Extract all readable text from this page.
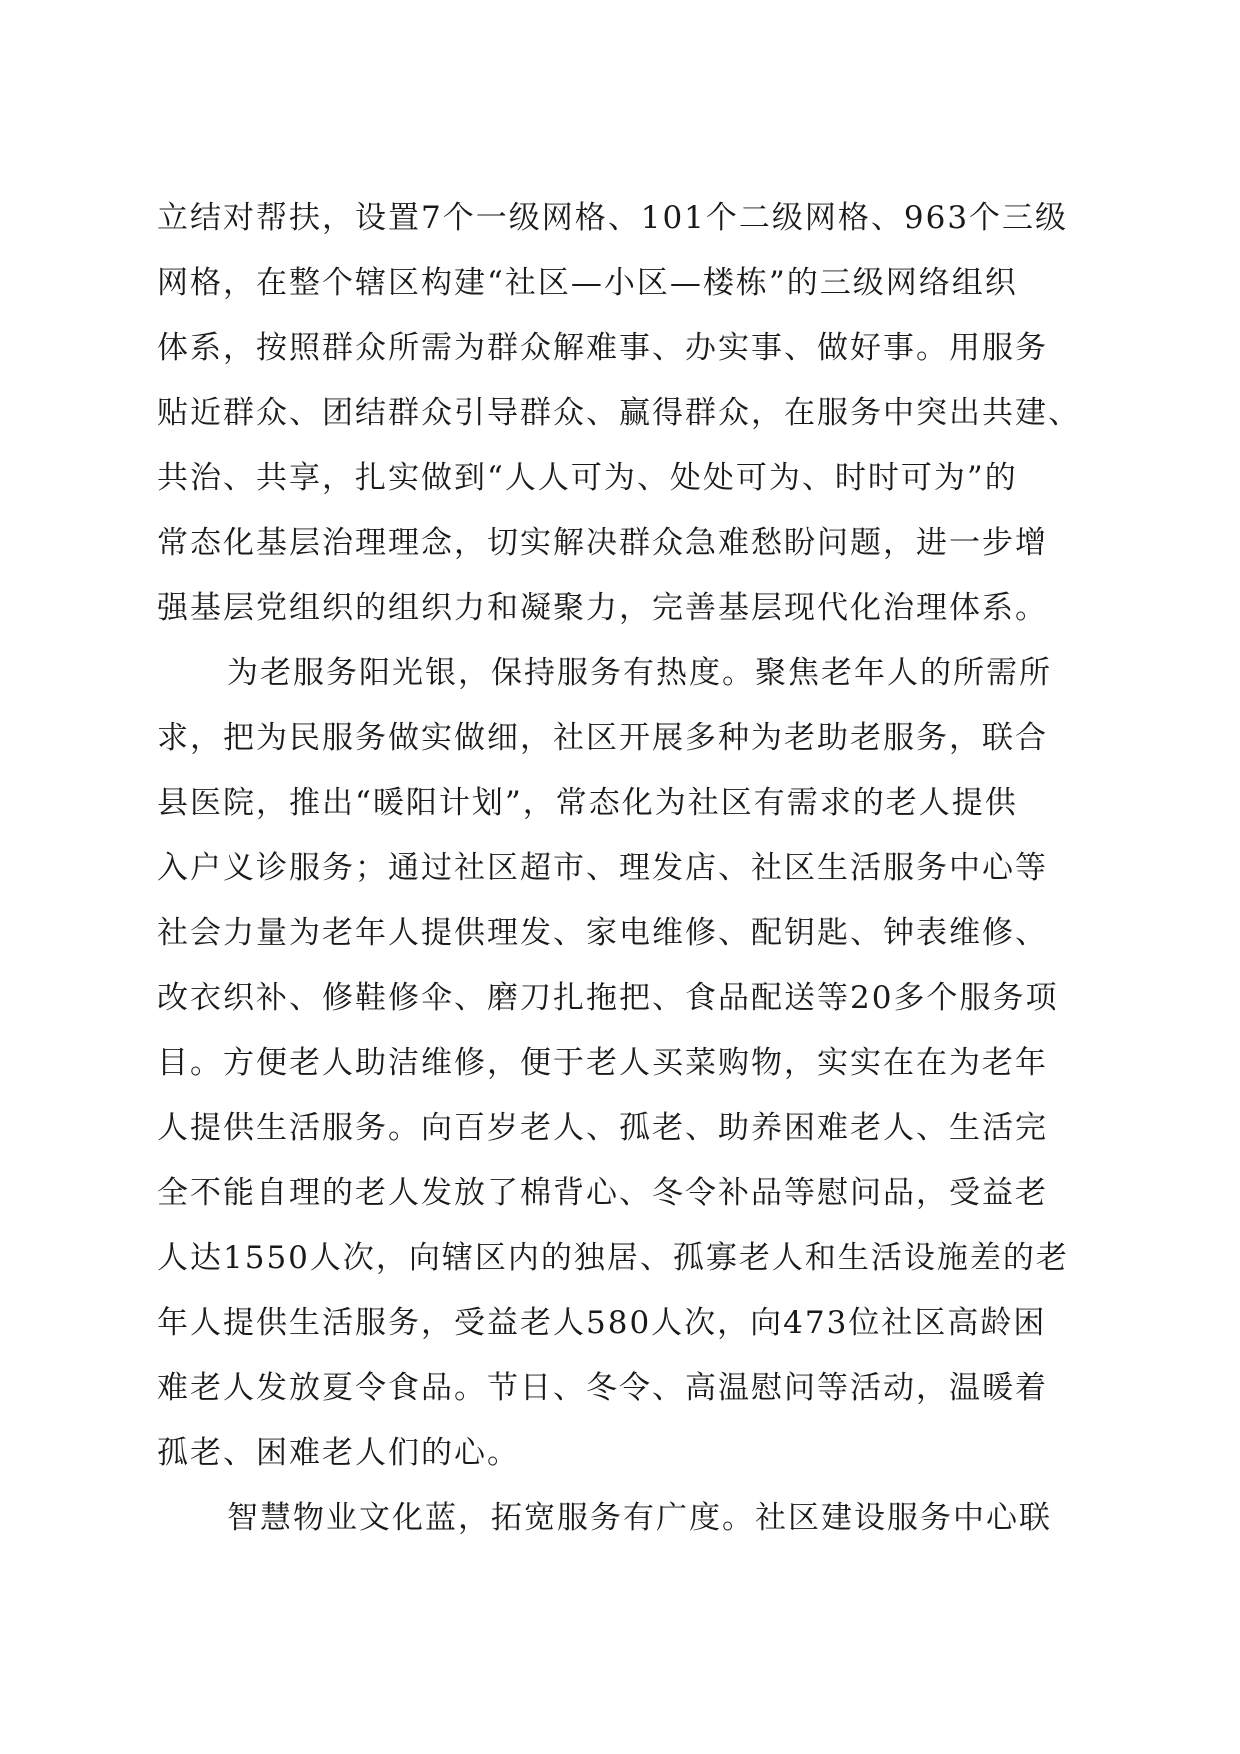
立结对帮扶，设置7个一级网格、101个二级网格、963个三级
网格，在整个辖区构建“社区—小区—楼栋”的三级网络组织
体系，按照群众所需为群众解难事、办实事、做好事。用服务
贴近群众、团结群众引导群众、赢得群众，在服务中突出共建、
共治、共享，扎实做到“人人可为、处处可为、时时可为”的
常态化基层治理理念，切实解决群众急难愁盼问题，进一步增
强基层党组织的组织力和凝聚力，完善基层现代化治理体系。
为老服务阳光银，保持服务有热度。聚焦老年人的所需所
求，把为民服务做实做细，社区开展多种为老助老服务，联合
县医院，推出“暖阳计划”，常态化为社区有需求的老人提供
入户义诊服务；通过社区超市、理发店、社区生活服务中心等
社会力量为老年人提供理发、家电维修、配钥匙、钟表维修、
改衣织补、修鞋修伞、磨刀扎拖把、食品配送等20多个服务项
目。方便老人助洁维修，便于老人买菜购物，实实在在为老年
人提供生活服务。向百岁老人、孤老、助养困难老人、生活完
全不能自理的老人发放了棉背心、冬令补品等慰问品，受益老
人达1550人次，向辖区内的独居、孤寡老人和生活设施差的老
年人提供生活服务，受益老人580人次，向473位社区高龄困
难老人发放夏令食品。节日、冬令、高温慰问等活动，温暖着
孤老、困难老人们的心。
智慧物业文化蓝，拓宽服务有广度。社区建设服务中心联
